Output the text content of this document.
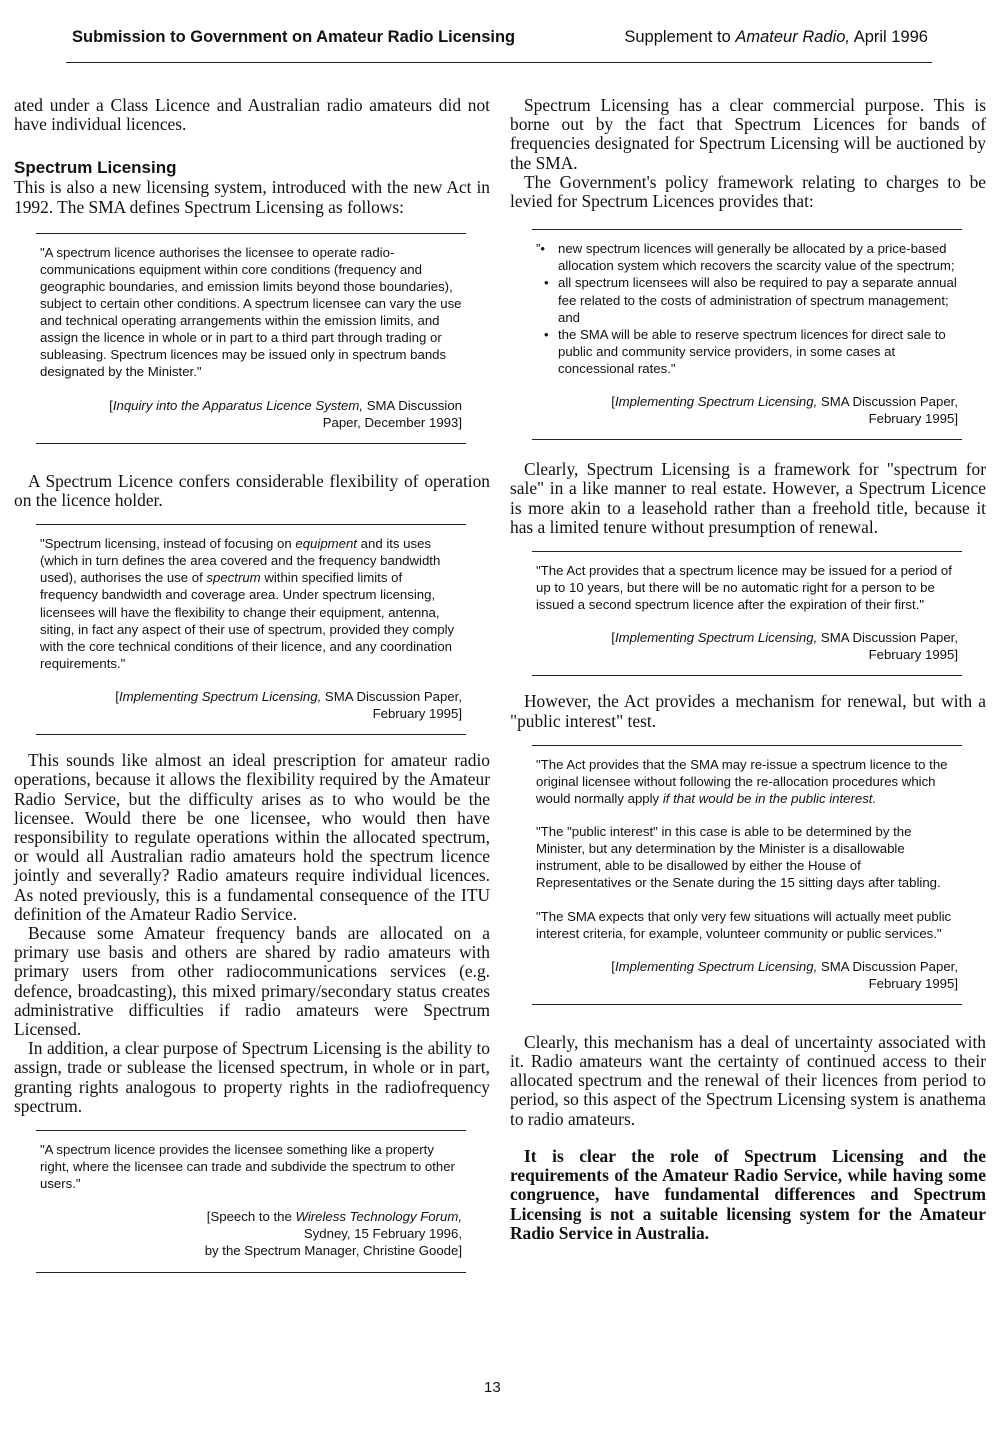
Submission to Government on Amateur Radio Licensing	Supplement to Amateur Radio, April 1996

ated under a Class Licence and Australian radio amateurs did not have individual licences.

Spectrum Licensing

This is also a new licensing system, introduced with the new Act in 1992. The SMA defines Spectrum Licensing as follows:

"A spectrum licence authorises the licensee to operate radio-communications equipment within core conditions (frequency and geographic boundaries, and emission limits beyond those boundaries), subject to certain other conditions. A spectrum licensee can vary the use and technical operating arrangements within the emission limits, and assign the licence in whole or in part to a third part through trading or subleasing. Spectrum licences may be issued only in spectrum bands designated by the Minister."

[Inquiry into the Apparatus Licence System, SMA Discussion
Paper, December 1993]

A Spectrum Licence confers considerable flexibility of operation on the licence holder.

"Spectrum licensing, instead of focusing on equipment and its uses (which in turn defines the area covered and the frequency bandwidth used), authorises the use of spectrum within specified limits of frequency bandwidth and coverage area. Under spectrum licensing, licensees will have the flexibility to change their equipment, antenna, siting, in fact any aspect of their use of spectrum, provided they comply with the core technical conditions of their licence, and any coordination requirements."

[Implementing Spectrum Licensing, SMA Discussion Paper,
February 1995]

This sounds like almost an ideal prescription for amateur radio operations, because it allows the flexibility required by the Amateur Radio Service, but the difficulty arises as to who would be the licensee. Would there be one licensee, who would then have responsibility to regulate operations within the allocated spectrum, or would all Australian radio amateurs hold the spectrum licence jointly and severally? Radio amateurs require individual licences. As noted previously, this is a fundamental consequence of the ITU definition of the Amateur Radio Service.

Because some Amateur frequency bands are allocated on a primary use basis and others are shared by radio amateurs with primary users from other radiocommunications services (e.g. defence, broadcasting), this mixed primary/secondary status creates administrative difficulties if radio amateurs were Spectrum Licensed.

In addition, a clear purpose of Spectrum Licensing is the ability to assign, trade or sublease the licensed spectrum, in whole or in part, granting rights analogous to property rights in the radiofrequency spectrum.

"A spectrum licence provides the licensee something like a property right, where the licensee can trade and subdivide the spectrum to other users."

[Speech to the Wireless Technology Forum,
Sydney, 15 February 1996,
by the Spectrum Manager, Christine Goode]

Spectrum Licensing has a clear commercial purpose. This is borne out by the fact that Spectrum Licences for bands of frequencies designated for Spectrum Licensing will be auctioned by the SMA.

The Government's policy framework relating to charges to be levied for Spectrum Licences provides that:

”• new spectrum licences will generally be allocated by a price-based allocation system which recovers the scarcity value of the spectrum;
• all spectrum licensees will also be required to pay a separate annual fee related to the costs of administration of spectrum management; and
• the SMA will be able to reserve spectrum licences for direct sale to public and community service providers, in some cases at concessional rates."

[Implementing Spectrum Licensing, SMA Discussion Paper,
February 1995]

Clearly, Spectrum Licensing is a framework for "spectrum for sale" in a like manner to real estate. However, a Spectrum Licence is more akin to a leasehold rather than a freehold title, because it has a limited tenure without presumption of renewal.

"The Act provides that a spectrum licence may be issued for a period of up to 10 years, but there will be no automatic right for a person to be issued a second spectrum licence after the expiration of their first."

[Implementing Spectrum Licensing, SMA Discussion Paper,
February 1995]

However, the Act provides a mechanism for renewal, but with a "public interest" test.

"The Act provides that the SMA may re-issue a spectrum licence to the original licensee without following the re-allocation procedures which would normally apply if that would be in the public interest.

"The "public interest" in this case is able to be determined by the Minister, but any determination by the Minister is a disallowable instrument, able to be disallowed by either the House of Representatives or the Senate during the 15 sitting days after tabling.

"The SMA expects that only very few situations will actually meet public interest criteria, for example, volunteer community or public services."

[Implementing Spectrum Licensing, SMA Discussion Paper,
February 1995]

Clearly, this mechanism has a deal of uncertainty associated with it. Radio amateurs want the certainty of continued access to their allocated spectrum and the renewal of their licences from period to period, so this aspect of the Spectrum Licensing system is anathema to radio amateurs.

It is clear the role of Spectrum Licensing and the requirements of the Amateur Radio Service, while having some congruence, have fundamental differences and Spectrum Licensing is not a suitable licensing system for the Amateur Radio Service in Australia.

13
